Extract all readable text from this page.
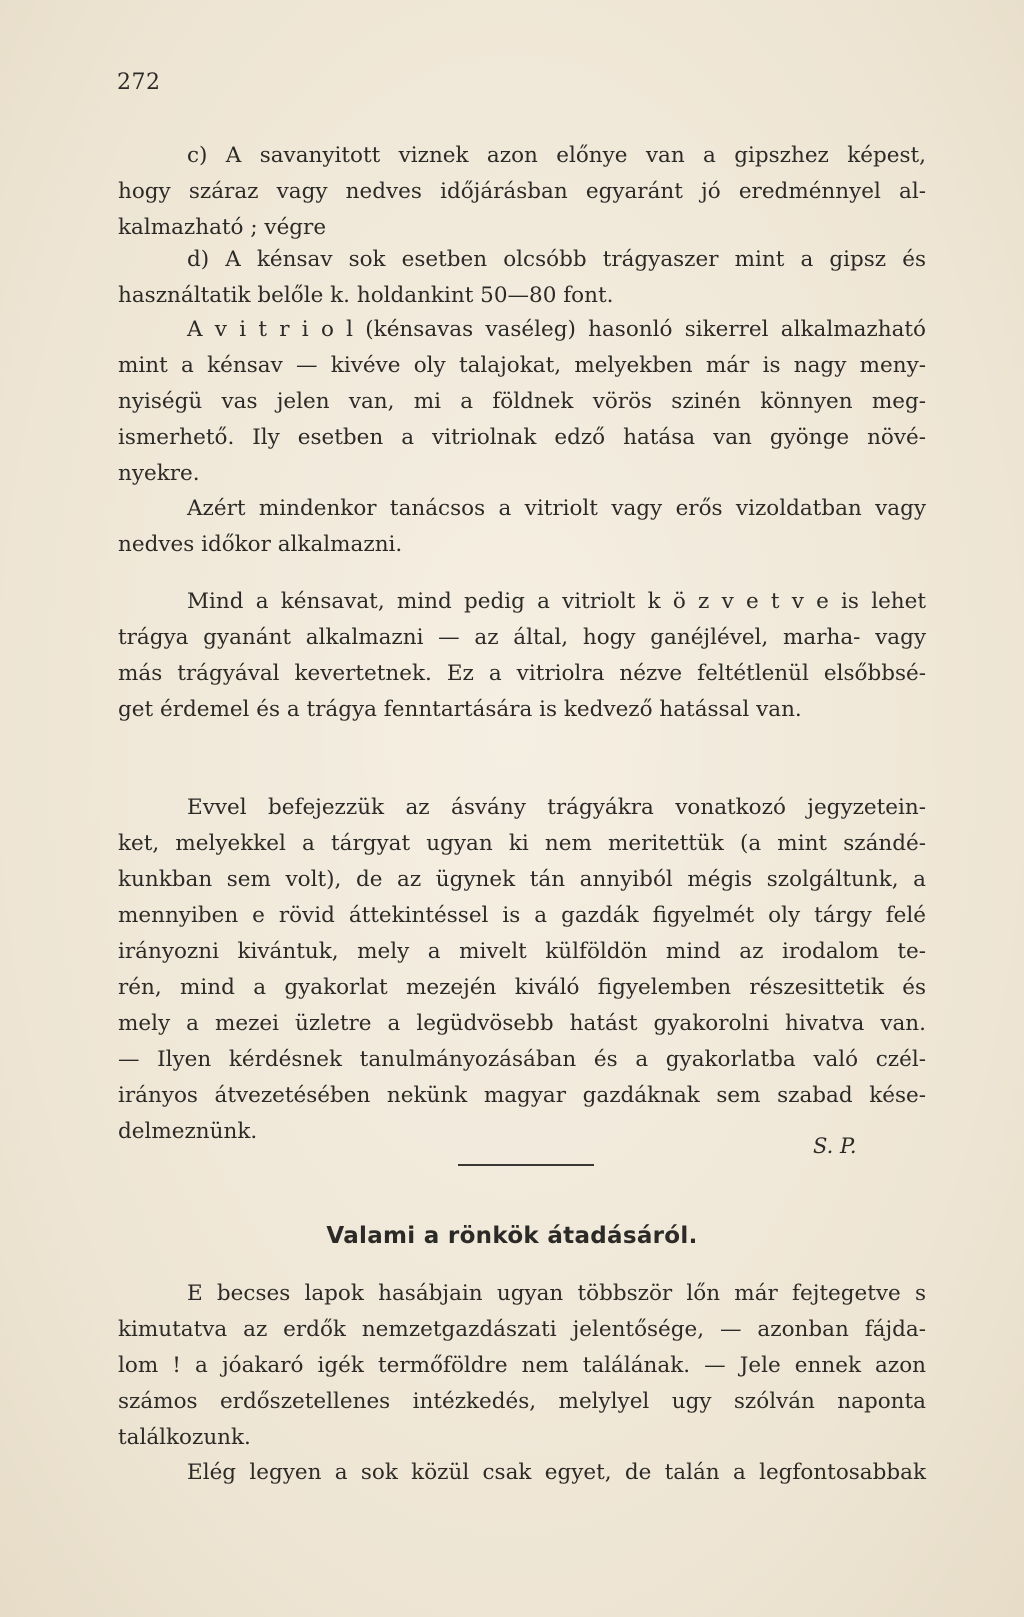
272
c) A savanyitott viznek azon előnye van a gipszhez képest,
hogy száraz vagy nedves időjárásban egyaránt jó eredménnyel al-
kalmazható ; végre
d) A kénsav sok esetben olcsóbb trágyaszer mint a gipsz és
használtatik belőle k. holdankint 50—80 font.
A v i t r i o l (kénsavas vaséleg) hasonló sikerrel alkalmazható
mint a kénsav — kivéve oly talajokat, melyekben már is nagy meny-
nyiségü vas jelen van, mi a földnek vörös szinén könnyen meg-
ismerhető. Ily esetben a vitriolnak edző hatása van gyönge növé-
nyekre.
Azért mindenkor tanácsos a vitriolt vagy erős vizoldatban vagy
nedves időkor alkalmazni.
Mind a kénsavat, mind pedig a vitriolt k ö z v e t v e is lehet
trágya gyanánt alkalmazni — az által, hogy ganéjlével, marha- vagy
más trágyával kevertetnek. Ez a vitriolra nézve feltétlenül elsőbbsé-
get érdemel és a trágya fenntartására is kedvező hatással van.
Evvel befejezzük az ásvány trágyákra vonatkozó jegyzetein-
ket, melyekkel a tárgyat ugyan ki nem meritettük (a mint szándé-
kunkban sem volt), de az ügynek tán annyiból mégis szolgáltunk, a
mennyiben e rövid áttekintéssel is a gazdák figyelmét oly tárgy felé
irányozni kivántuk, mely a mivelt külföldön mind az irodalom te-
rén, mind a gyakorlat mezején kiváló figyelemben részesittetik és
mely a mezei üzletre a legüdvösebb hatást gyakorolni hivatva van.
— Ilyen kérdésnek tanulmányozásában és a gyakorlatba való czél-
irányos átvezetésében nekünk magyar gazdáknak sem szabad kése-
delmeznünk.
S. P.
Valami a rönkök átadásáról.
E becses lapok hasábjain ugyan többször lőn már fejtegetve s
kimutatva az erdők nemzetgazdászati jelentősége, — azonban fájda-
lom ! a jóakaró igék termőföldre nem találának. — Jele ennek azon
számos erdőszetellenes intézkedés, melylyel ugy szólván naponta
találkozunk.
Elég legyen a sok közül csak egyet, de talán a legfontosabbak
